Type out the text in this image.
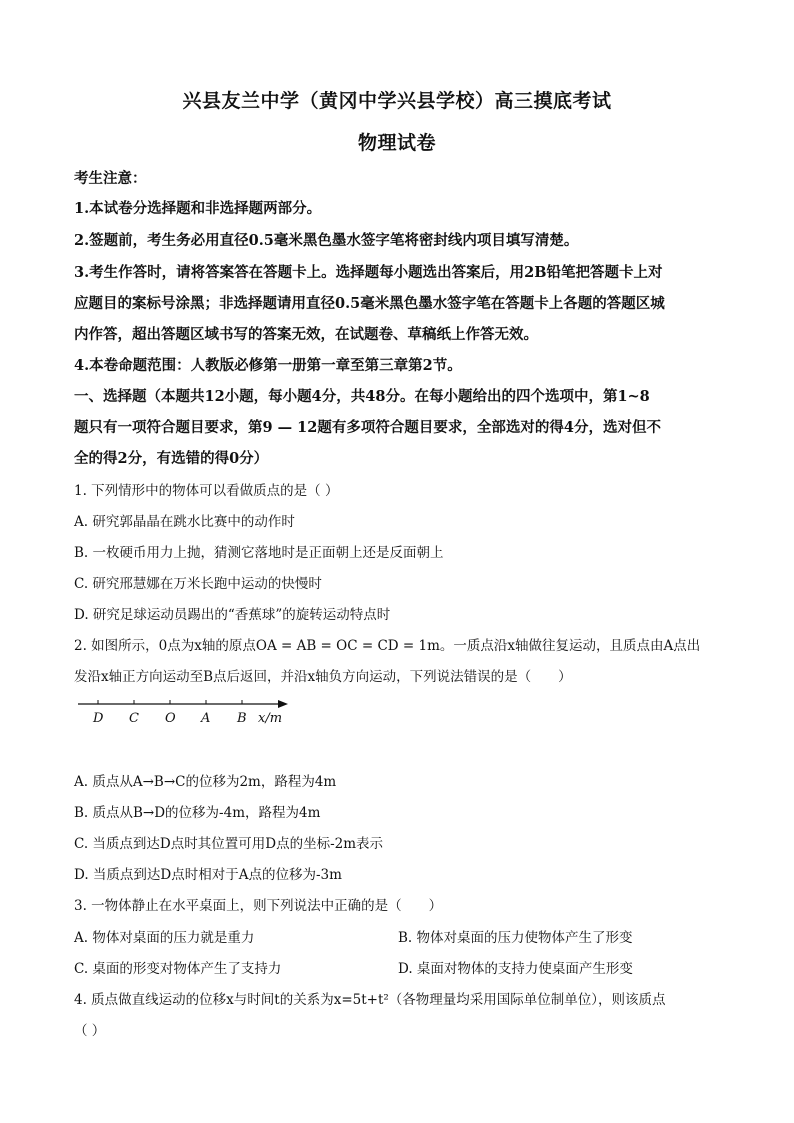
兴县友兰中学（黄冈中学兴县学校）高三摸底考试
物理试卷
考生注意：
1.本试卷分选择题和非选择题两部分。
2.签题前，考生务必用直径0.5毫米黑色墨水签字笔将密封线内项目填写清楚。
3.考生作答时，请将答案答在答题卡上。选择题每小题选出答案后，用2B铅笔把答题卡上对
应题目的案标号涂黑；非选择题请用直径0.5毫米黑色墨水签字笔在答题卡上各题的答题区城
内作答，超出答题区域书写的答案无效，在试题卷、草稿纸上作答无效。
4.本卷命题范围：人教版必修第一册第一章至第三章第2节。
一、选择题（本题共12小题，每小题4分，共48分。在每小题给出的四个选项中，第1~8
题只有一项符合题目要求，第9 — 12题有多项符合题目要求，全部选对的得4分，选对但不
全的得2分，有选错的得0分）
1. 下列情形中的物体可以看做质点的是（ ）
A. 研究郭晶晶在跳水比赛中的动作时
B. 一枚硬币用力上抛，猜测它落地时是正面朝上还是反面朝上
C. 研究邢慧娜在万米长跑中运动的快慢时
D. 研究足球运动员踢出的“香蕉球”的旋转运动特点时
2. 如图所示，0点为x轴的原点OA = AB = OC = CD = 1m。一质点沿x轴做往复运动，且质点由A点出
发沿x轴正方向运动至B点后返回，并沿x轴负方向运动，下列说法错误的是（　　）
D C O A B x/m
A. 质点从A→B→C的位移为2m，路程为4m
B. 质点从B→D的位移为-4m，路程为4m
C. 当质点到达D点时其位置可用D点的坐标-2m表示
D. 当质点到达D点时相对于A点的位移为-3m
3. 一物体静止在水平桌面上，则下列说法中正确的是（　　）
A. 物体对桌面的压力就是重力	B. 物体对桌面的压力使物体产生了形变
C. 桌面的形变对物体产生了支持力	D. 桌面对物体的支持力使桌面产生形变
4. 质点做直线运动的位移x与时间t的关系为x=5t+t²（各物理量均采用国际单位制单位），则该质点
（ ）
